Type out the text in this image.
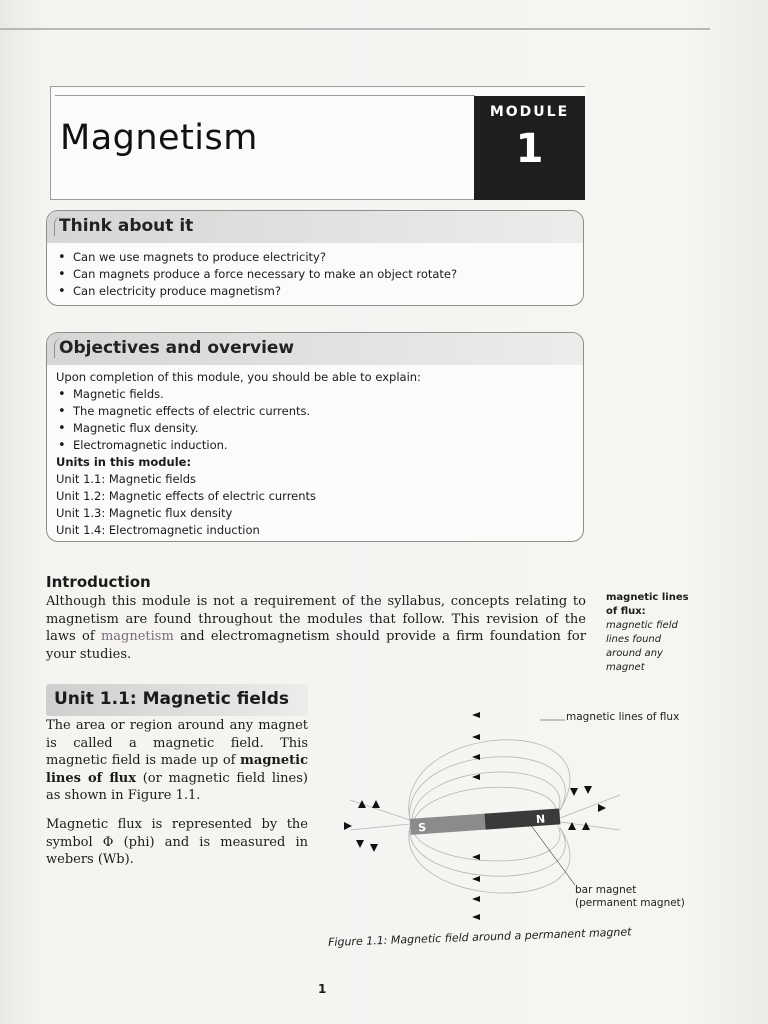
Magnetism
MODULE
1
Think about it
• Can we use magnets to produce electricity?
• Can magnets produce a force necessary to make an object rotate?
• Can electricity produce magnetism?
Objectives and overview
Upon completion of this module, you should be able to explain:
• Magnetic fields.
• The magnetic effects of electric currents.
• Magnetic flux density.
• Electromagnetic induction.
Units in this module:
Unit 1.1: Magnetic fields
Unit 1.2: Magnetic effects of electric currents
Unit 1.3: Magnetic flux density
Unit 1.4: Electromagnetic induction
Introduction
Although this module is not a requirement of the syllabus, concepts relating to magnetism are found throughout the modules that follow. This revision of the laws of magnetism and electromagnetism should provide a firm foundation for your studies.
magnetic lines of flux:
magnetic field lines found around any magnet
Unit 1.1: Magnetic fields
The area or region around any magnet is called a magnetic field. This magnetic field is made up of magnetic lines of flux (or magnetic field lines) as shown in Figure 1.1.
Magnetic flux is represented by the symbol Φ (phi) and is measured in webers (Wb).
S
N
magnetic lines of flux
bar magnet
(permanent magnet)
Figure 1.1: Magnetic field around a permanent magnet
1
